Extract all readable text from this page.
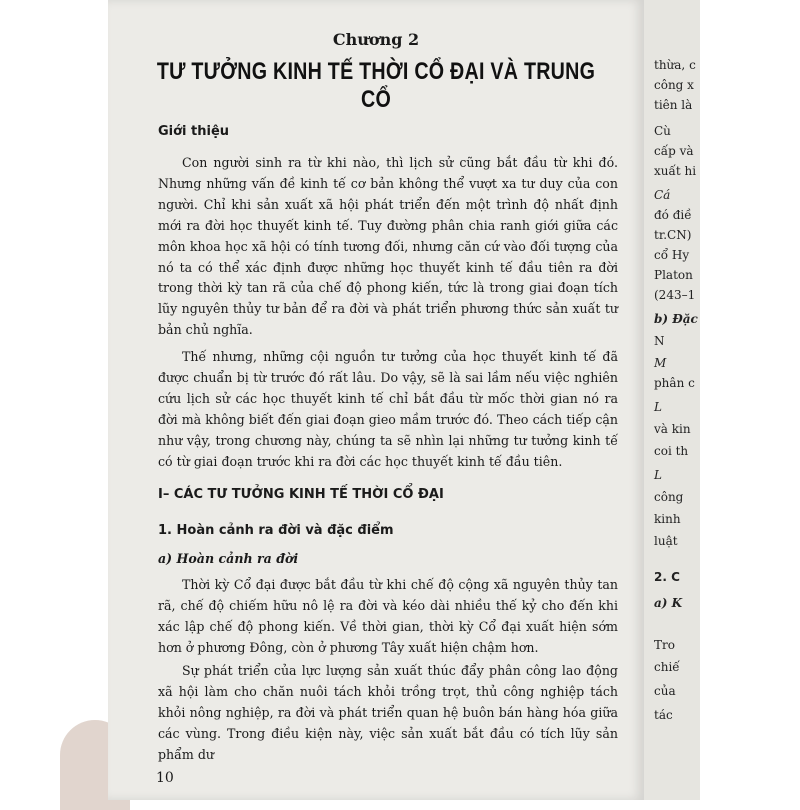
Chương 2
TƯ TƯỞNG KINH TẾ THỜI CỔ ĐẠI VÀ TRUNG CỔ
Giới thiệu
Con người sinh ra từ khi nào, thì lịch sử cũng bắt đầu từ khi đó. Nhưng những vấn đề kinh tế cơ bản không thể vượt xa tư duy của con người. Chỉ khi sản xuất xã hội phát triển đến một trình độ nhất định mới ra đời học thuyết kinh tế. Tuy đường phân chia ranh giới giữa các môn khoa học xã hội có tính tương đối, nhưng căn cứ vào đối tượng của nó ta có thể xác định được những học thuyết kinh tế đầu tiên ra đời trong thời kỳ tan rã của chế độ phong kiến, tức là trong giai đoạn tích lũy nguyên thủy tư bản để ra đời và phát triển phương thức sản xuất tư bản chủ nghĩa.
Thế nhưng, những cội nguồn tư tưởng của học thuyết kinh tế đã được chuẩn bị từ trước đó rất lâu. Do vậy, sẽ là sai lầm nếu việc nghiên cứu lịch sử các học thuyết kinh tế chỉ bắt đầu từ mốc thời gian nó ra đời mà không biết đến giai đoạn gieo mầm trước đó. Theo cách tiếp cận như vậy, trong chương này, chúng ta sẽ nhìn lại những tư tưởng kinh tế có từ giai đoạn trước khi ra đời các học thuyết kinh tế đầu tiên.
I– CÁC TƯ TƯỞNG KINH TẾ THỜI CỔ ĐẠI
1. Hoàn cảnh ra đời và đặc điểm
a) Hoàn cảnh ra đời
Thời kỳ Cổ đại được bắt đầu từ khi chế độ cộng xã nguyên thủy tan rã, chế độ chiếm hữu nô lệ ra đời và kéo dài nhiều thế kỷ cho đến khi xác lập chế độ phong kiến. Về thời gian, thời kỳ Cổ đại xuất hiện sớm hơn ở phương Đông, còn ở phương Tây xuất hiện chậm hơn.
Sự phát triển của lực lượng sản xuất thúc đẩy phân công lao động xã hội làm cho chăn nuôi tách khỏi trồng trọt, thủ công nghiệp tách khỏi nông nghiệp, ra đời và phát triển quan hệ buôn bán hàng hóa giữa các vùng. Trong điều kiện này, việc sản xuất bắt đầu có tích lũy sản phẩm dư
10
thừa, c
công x
tiên là
Cù
cấp và
xuất hi
Cá
đó điề
tr.CN)
cổ Hy
Platon
(243–1
b) Đặc
N
M
phân c
L
và kin
coi th
L
công
kinh
luật
2. C
a) K
Tro
chiế
của
tác
